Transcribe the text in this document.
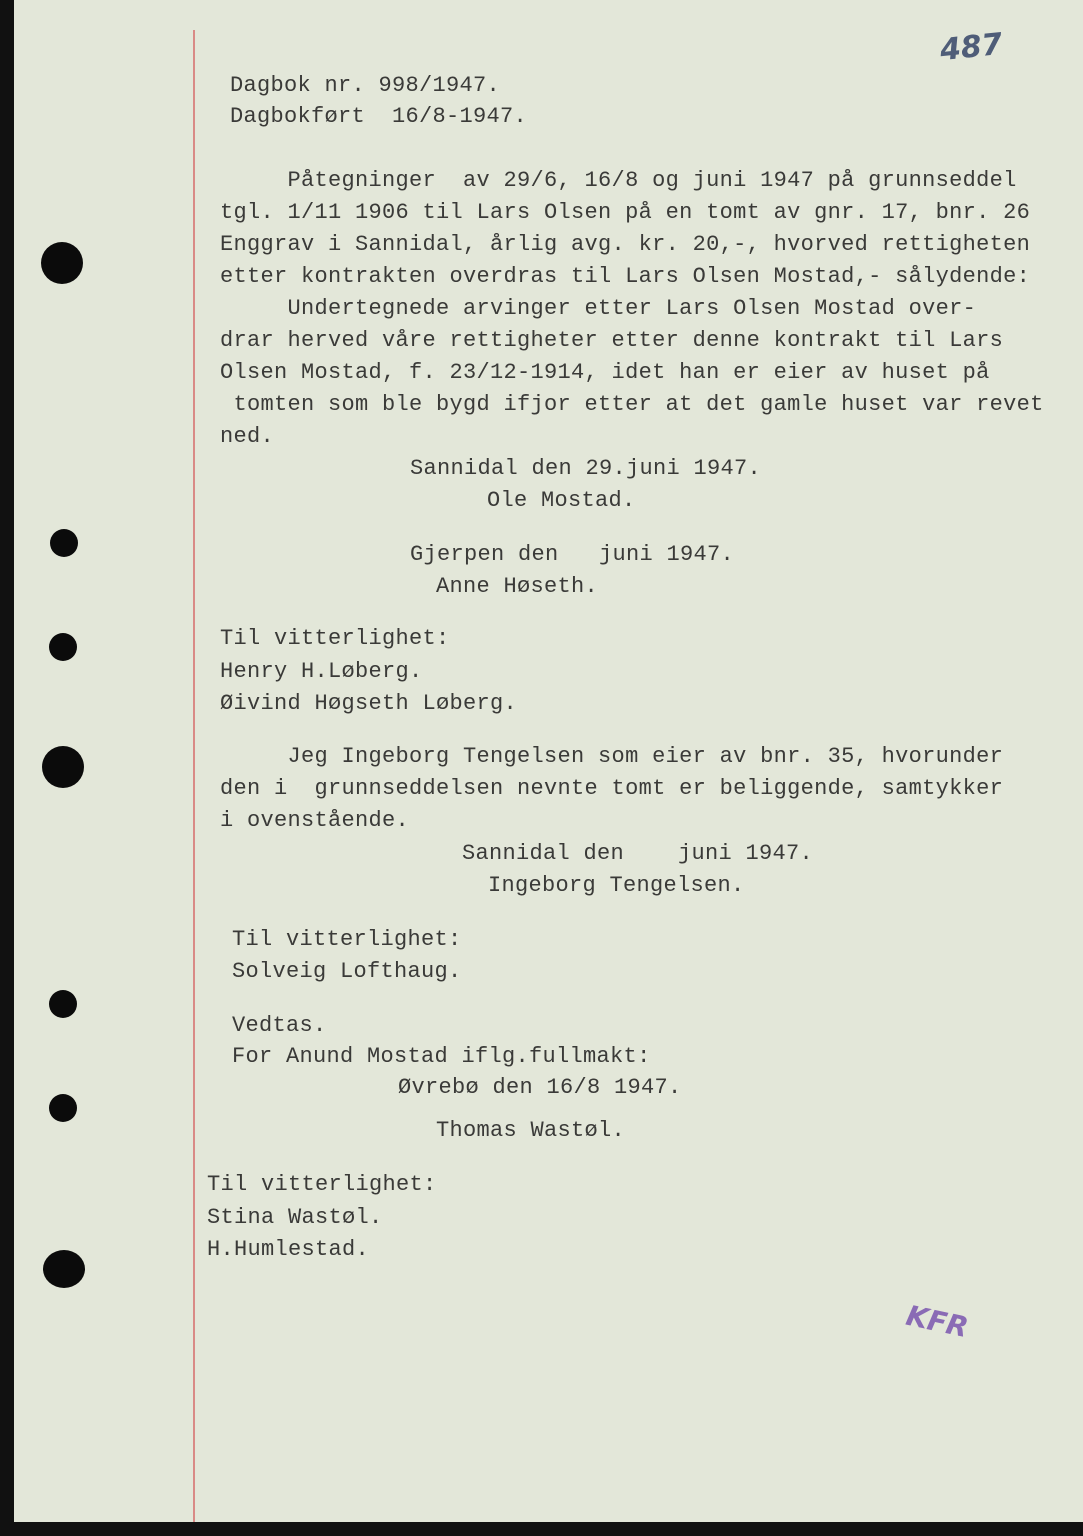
487
Dagbok nr. 998/1947.
Dagbokført  16/8-1947.
Påtegninger  av 29/6, 16/8 og juni 1947 på grunnseddel
tgl. 1/11 1906 til Lars Olsen på en tomt av gnr. 17, bnr. 26
Enggrav i Sannidal, årlig avg. kr. 20,-, hvorved rettigheten
etter kontrakten overdras til Lars Olsen Mostad,- sålydende:
Undertegnede arvinger etter Lars Olsen Mostad over-
drar herved våre rettigheter etter denne kontrakt til Lars
Olsen Mostad, f. 23/12-1914, idet han er eier av huset på
tomten som ble bygd ifjor etter at det gamle huset var revet
ned.
Sannidal den 29.juni 1947.
Ole Mostad.
Gjerpen den   juni 1947.
Anne Høseth.
Til vitterlighet:
Henry H.Løberg.
Øivind Høgseth Løberg.
Jeg Ingeborg Tengelsen som eier av bnr. 35, hvorunder
den i  grunnseddelsen nevnte tomt er beliggende, samtykker
i ovenstående.
Sannidal den    juni 1947.
Ingeborg Tengelsen.
Til vitterlighet:
Solveig Lofthaug.
Vedtas.
For Anund Mostad iflg.fullmakt:
Øvrebø den 16/8 1947.
Thomas Wastøl.
Til vitterlighet:
Stina Wastøl.
H.Humlestad.
KFR
